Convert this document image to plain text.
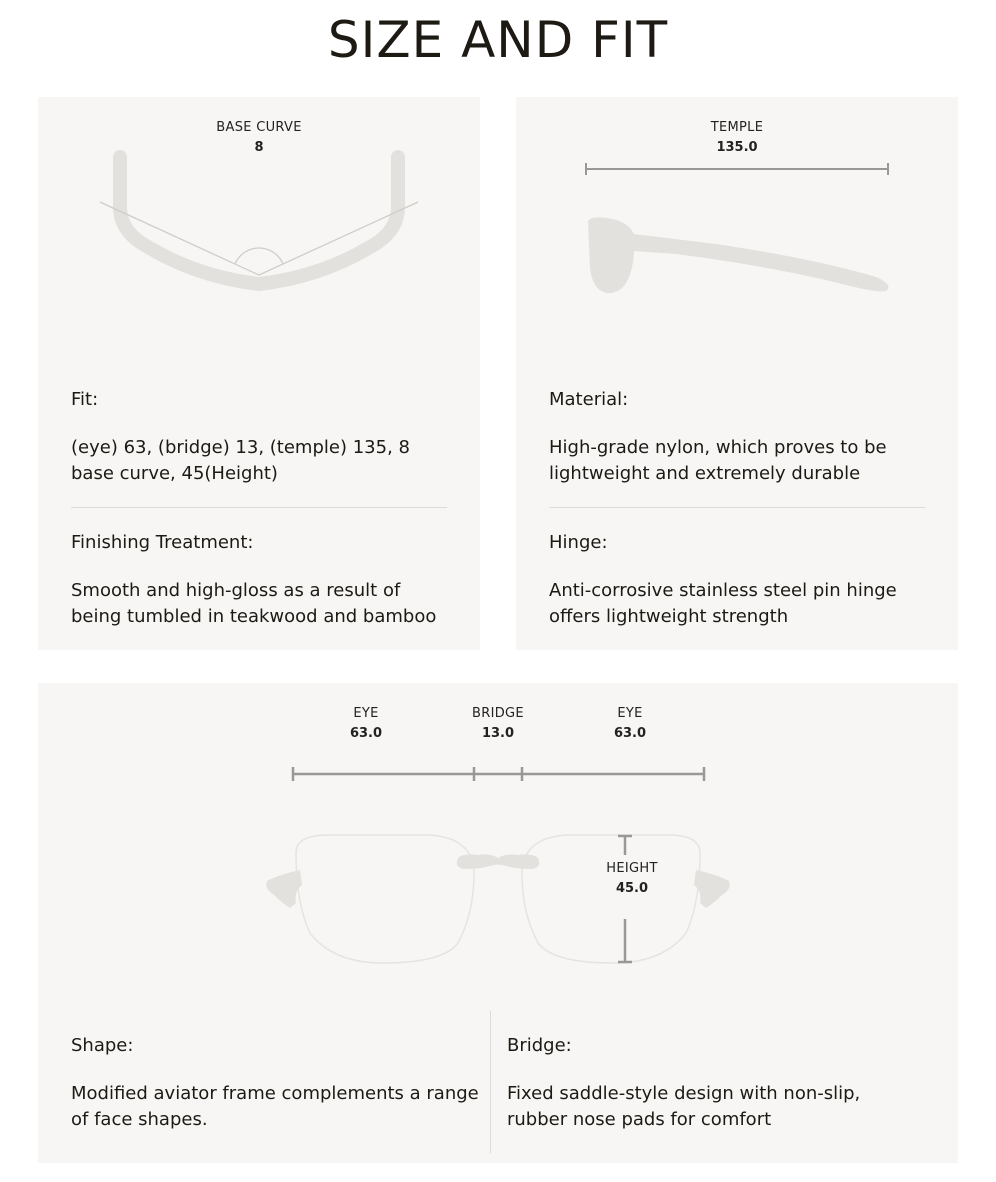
SIZE AND FIT
BASE CURVE
8
Fit:
(eye) 63, (bridge) 13, (temple) 135, 8 base curve, 45(Height)
Finishing Treatment:
Smooth and high-gloss as a result of being tumbled in teakwood and bamboo
TEMPLE
135.0
Material:
High-grade nylon, which proves to be lightweight and extremely durable
Hinge:
Anti-corrosive stainless steel pin hinge offers lightweight strength
EYE
63.0
BRIDGE
13.0
EYE
63.0
HEIGHT
45.0
Shape:
Modified aviator frame complements a range of face shapes.
Bridge:
Fixed saddle-style design with non-slip, rubber nose pads for comfort
